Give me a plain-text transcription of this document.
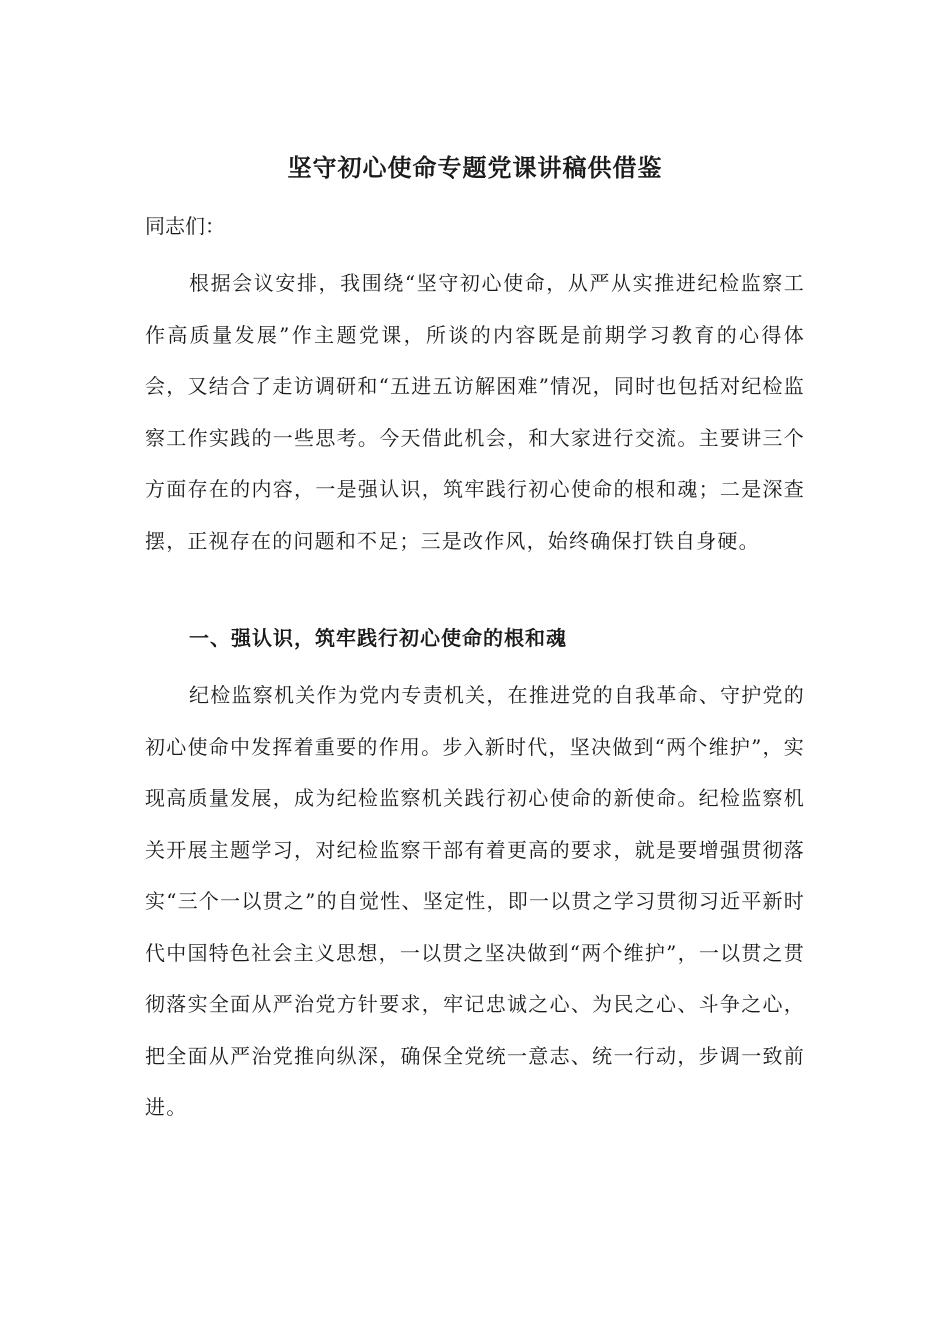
坚守初心使命专题党课讲稿供借鉴
同志们：

根据会议安排，我围绕“坚守初心使命，从严从实推进纪检监察工作高质量发展”作主题党课，所谈的内容既是前期学习教育的心得体会，又结合了走访调研和“五进五访解困难”情况，同时也包括对纪检监察工作实践的一些思考。今天借此机会，和大家进行交流。主要讲三个方面存在的内容，一是强认识，筑牢践行初心使命的根和魂；二是深查摆，正视存在的问题和不足；三是改作风，始终确保打铁自身硬。

一、强认识，筑牢践行初心使命的根和魂

纪检监察机关作为党内专责机关，在推进党的自我革命、守护党的初心使命中发挥着重要的作用。步入新时代，坚决做到“两个维护”，实现高质量发展，成为纪检监察机关践行初心使命的新使命。纪检监察机关开展主题学习，对纪检监察干部有着更高的要求，就是要增强贯彻落实“三个一以贯之”的自觉性、坚定性，即一以贯之学习贯彻习近平新时代中国特色社会主义思想，一以贯之坚决做到“两个维护”，一以贯之贯彻落实全面从严治党方针要求，牢记忠诚之心、为民之心、斗争之心，把全面从严治党推向纵深，确保全党统一意志、统一行动，步调一致前进。
